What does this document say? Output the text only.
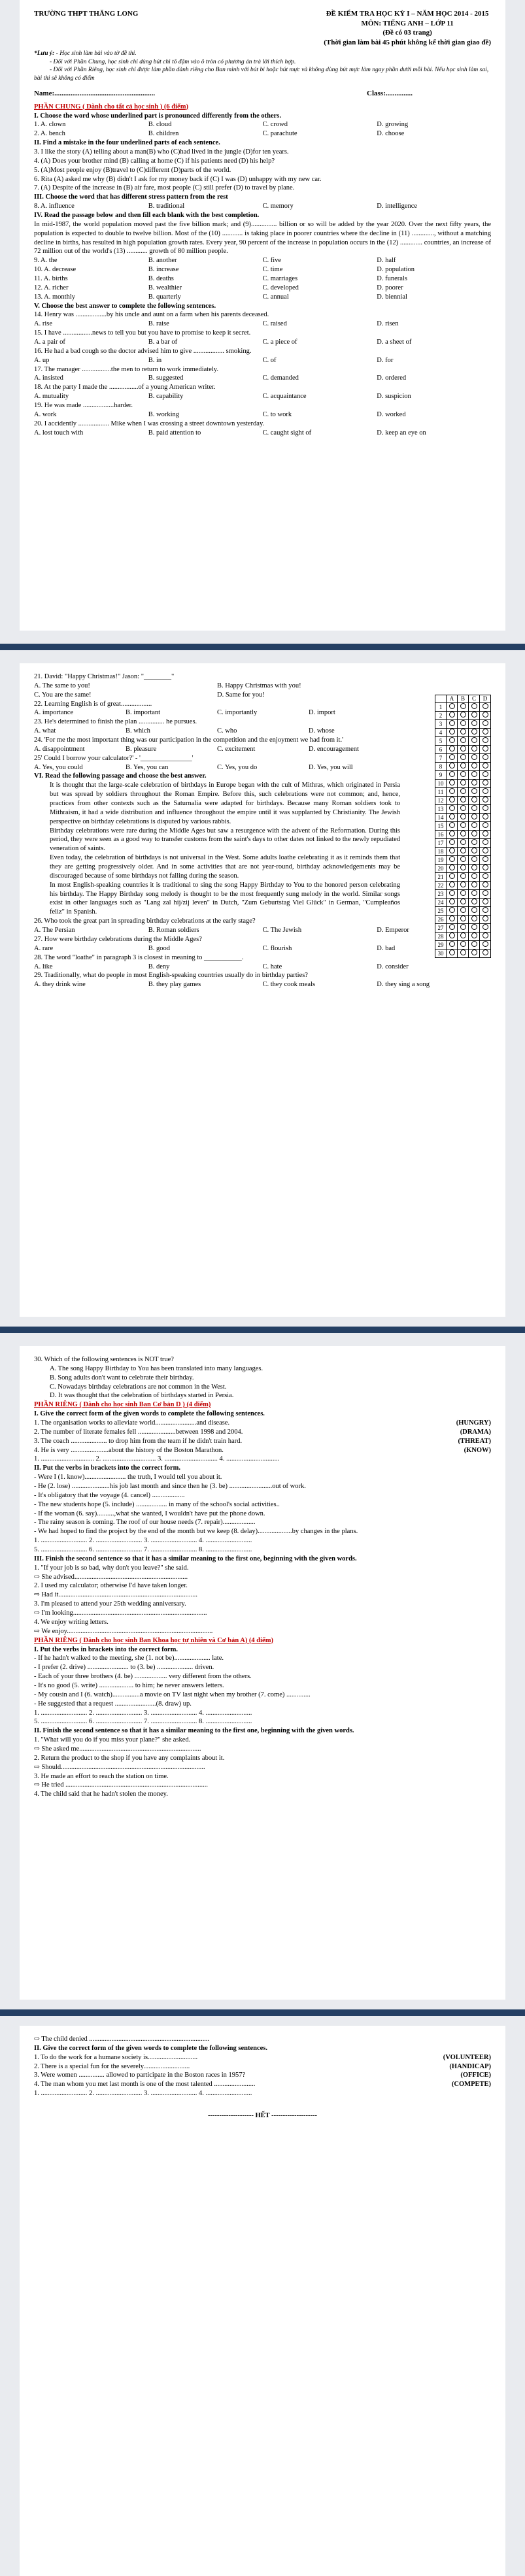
TRƯỜNG THPT THĂNG LONG	ĐỀ KIỂM TRA HỌC KỲ I – NĂM HỌC 2014 - 2015
MÔN: TIẾNG ANH – LỚP 11
(Đề có 03 trang)
(Thời gian làm bài 45 phút không kể thời gian giao đề)
*Lưu ý: - Học sinh làm bài vào tờ đề thi.
- Đối với Phần Chung, học sinh chỉ dùng bút chì tô đậm vào ô tròn có phương án trả lời thích hợp.
- Đối với Phần Riêng, học sinh chỉ được làm phần dành riêng cho Ban mình với bút bi hoặc bút mực và không dùng bút mực làm ngay phần dưới mỗi bài. Nếu học sinh làm sai, bài thi sẽ không có điểm
Name:........................................................	Class:...............
PHẦN CHUNG ( Dành cho tất cả học sinh ) (6 điểm)
I. Choose the word whose underlined part is pronounced differently from the others.
1. A. clown	B. cloud	C. crowd	D. growing
2. A. bench	B. children	C. parachute	D. choose
II. Find a mistake in the four underlined parts of each sentence.

3. I like the story (A) telling about a man(B) who (C)had lived in the jungle (D)for ten years.

4. (A) Does your brother mind (B) calling at home (C) if his patients need (D) his help?

5. (A)Most people enjoy (B)travel to (C)different (D)parts of the world.

6. Rita (A) asked me why (B) didn't I ask for my money back if (C) I was (D) unhappy with my new car.

7. (A) Despite of the increase in (B) air fare, most people (C) still prefer (D) to travel by plane.

III. Choose the word that has different stress pattern from the rest
8. A. influence	B. traditional	C. memory	D. intelligence
IV. Read the passage below and then fill each blank with the best completion.

In mid-1987, the world population moved past the five billion mark; and (9)............... billion or so will be added by the year 2020. Over the next fifty years, the population is expected to double to twelve billion. Most of the (10) ............ is taking place in poorer countries where the decline in (11) ............., without a matching decline in births, has resulted in high population growth rates. Every year, 90 percent of the increase in population occurs in the (12) ............. countries, an increase of 72 million out of the world's (13) ............ growth of 80 million people.

9. A. the	B. another	C. five	D. half
10. A. decrease	B. increase	C. time	D. population
11. A. births	B. deaths	C. marriages	D. funerals
12. A. richer	B. wealthier	C. developed	D. poorer
13. A. monthly	B. quarterly	C. annual	D. biennial
V. Choose the best answer to complete the following sentences.

14. Henry was ..................by his uncle and aunt on a farm when his parents deceased.

A. rise	B. raise	C. raised	D. risen

15. I have .................news to tell you but you have to promise to keep it secret.

A. a pair of	B. a bar of	C. a piece of	D. a sheet of

16. He had a bad cough so the doctor advised him to give .................. smoking.

A. up	B. in	C. of	D. for

17. The manager .................the men to return to work immediately.

A. insisted	B. suggested	C. demanded	D. ordered

18. At the party I made the .................of a young American writer.

A. mutuality	B. capability	C. acquaintance	D. suspicion

19. He was made ..................harder.

A. work	B. working	C. to work	D. worked

20. I accidently .................. Mike when I was crossing a street downtown yesterday.

A. lost touch with	B. paid attention to	C. caught sight of	D. keep an eye on

21. David: "Happy Christmas!" Jason: "________"

A. The same to you!	B. Happy Christmas with you!
C. You are the same!	D. Same for you!

22. Learning English is of great..................

A. importance	B. important	C. importantly	D. import

23. He's determined to finish the plan ............... he pursues.

A. what	B. which	C. who	D. whose

24. 'For me the most important thing was our participation in the competition and the enjoyment we had from it.'

A. disappointment	B. pleasure	C. excitement	D. encouragement

25' Could I borrow your calculator?' - '_______________'

A. Yes, you could	B. Yes, you can	C. Yes, you do	D. Yes, you will
VI. Read the following passage and choose the best answer.

It is thought that the large-scale celebration of birthdays in Europe began with the cult of Mithras, which originated in Persia but was spread by soldiers throughout the Roman Empire. Before this, such celebrations were not common; and, hence, practices from other contexts such as the Saturnalia were adapted for birthdays. Because many Roman soldiers took to Mithraism, it had a wide distribution and influence throughout the empire until it was supplanted by Christianity. The Jewish perspective on birthday celebrations is disputed by various rabbis.

Birthday celebrations were rare during the Middle Ages but saw a resurgence with the advent of the Reformation. During this period, they were seen as a good way to transfer customs from the saint's days to other dates not linked to the newly repudiated veneration of saints.

Even today, the celebration of birthdays is not universal in the West. Some adults loathe celebrating it as it reminds them that they are getting progressively older. And in some activities that are not year-round, birthday acknowledgements may be discouraged because of some birthdays not falling during the season.

In most English-speaking countries it is traditional to sing the song Happy Birthday to You to the honored person celebrating his birthday. The Happy Birthday song melody is thought to be the most frequently sung melody in the world. Similar songs exist in other languages such as "Lang zal hij/zij leven" in Dutch, "Zum Geburtstag Viel Glück" in German, "Cumpleaños feliz" in Spanish.

26. Who took the great part in spreading birthday celebrations at the early stage?

A. The Persian	B. Roman soldiers	C. The Jewish	D. Emperor

27. How were birthday celebrations during the Middle Ages?

A. rare	B. good	C. flourish	D. bad

28. The word "loathe" in paragraph 3 is closest in meaning to ___________.

A. like	B. deny	C. hate	D. consider

29. Traditionally, what do people in most English-speaking countries usually do in birthday parties?

A. they drink wine	B. they play games	C. they cook meals	D. they sing a song
	A	B	C	D
1				
2				
3				
4				
5				
6				
7				
8				
9				
10				
11				
12				
13				
14				
15				
16				
17				
18				
19				
20				
21				
22				
23				
24				
25				
26				
27				
28				
29				
30				

30. Which of the following sentences is NOT true?

A. The song Happy Birthday to You has been translated into many languages.

B. Song adults don't want to celebrate their birthday.

C. Nowadays birthday celebrations are not common in the West.

D. It was thought that the celebration of birthdays started in Persia.

PHẦN RIÊNG ( Dành cho học sinh Ban Cơ bản D ) (4 điểm)
I. Give the correct form of the given words to complete the following sentences.
1. The organisation works to alleviate world........................and disease.	(HUNGRY)
2. The number of literate females fell ......................between 1998 and 2004.	(DRAMA)
3. The coach ..................... to drop him from the team if he didn't train hard.	(THREAT)
4. He is very ......................about the history of the Boston Marathon.	(KNOW)

1. ............................... 2. ............................... 3. ............................... 4. ...............................

II. Put the verbs in brackets into the correct form.

- Were I (1. know)........................ the truth, I would tell you about it.

- He (2. lose) ......................his job last month and since then he (3. be) .........................out of work.

- It's obligatory that the voyage (4. cancel) ...................

- The new students hope (5. include) .................. in many of the school's social activities..

- If the woman (6. say)..........,what she wanted, I wouldn't have put the phone down.

- The rainy season is coming. The roof of our house needs (7. repair)...................

- We had hoped to find the project by the end of the month but we keep (8. delay)....................by changes in the plans.

1. ........................... 2. ........................... 3. ........................... 4. ...........................

5. ........................... 6. ........................... 7. ........................... 8. ...........................

III. Finish the second sentence so that it has a similar meaning to the first one, beginning with the given words.

1. "If your job is so bad, why don't you leave?" she said.

⇨ She advised..................................................................

2. I used my calculator; otherwise I'd have taken longer.

⇨ Had it.................................................................................

3. I'm pleased to attend your 25th wedding anniversary.

⇨ I'm looking..............................................................................

4. We enjoy writing letters.

⇨ We enjoy.....................................................................................

PHẦN RIÊNG ( Dành cho học sinh Ban Khoa học tự nhiên và Cơ bản A) (4 điểm)
I. Put the verbs in brackets into the correct form.

- If he hadn't walked to the meeting, she (1. not be)..................... late.

- I prefer (2. drive) ........................ to (3. be) ..................... driven.

- Each of your three brothers (4. be) ................... very different from the others.

- It's no good (5. write) .................... to him; he never answers letters.

- My cousin and I (6. watch)................a movie on TV last night when my brother (7. come) ..............

- He suggested that a request ........................(8. draw) up.

1. ........................... 2. ........................... 3. ........................... 4. ...........................

5. ........................... 6. ........................... 7. ........................... 8. ...........................

II. Finish the second sentence so that it has a similar meaning to the first one, beginning with the given words.

1. "What will you do if you miss your plane?" she asked.

⇨ She asked me.......................................................................

2. Return the product to the shop if you have any complaints about it.

⇨ Should....................................................................................

3. He made an effort to reach the station on time.

⇨ He tried ...................................................................................

4. The child said that he hadn't stolen the money.

⇨ The child denied ......................................................................

II. Give the correct form of the given words to complete the following sentences.
1. To do the work for a humane society is.............................	(VOLUNTEER)
2. There is a special fun for the severely...........................	(HANDICAP)
3. Were women ............... allowed to participate in the Boston races in 1957?	(OFFICE)
4. The man whom you met last month is one of the most talented ........................	(COMPETE)

1. ........................... 2. ........................... 3. ........................... 4. ...........................

-------------------- HẾT --------------------
